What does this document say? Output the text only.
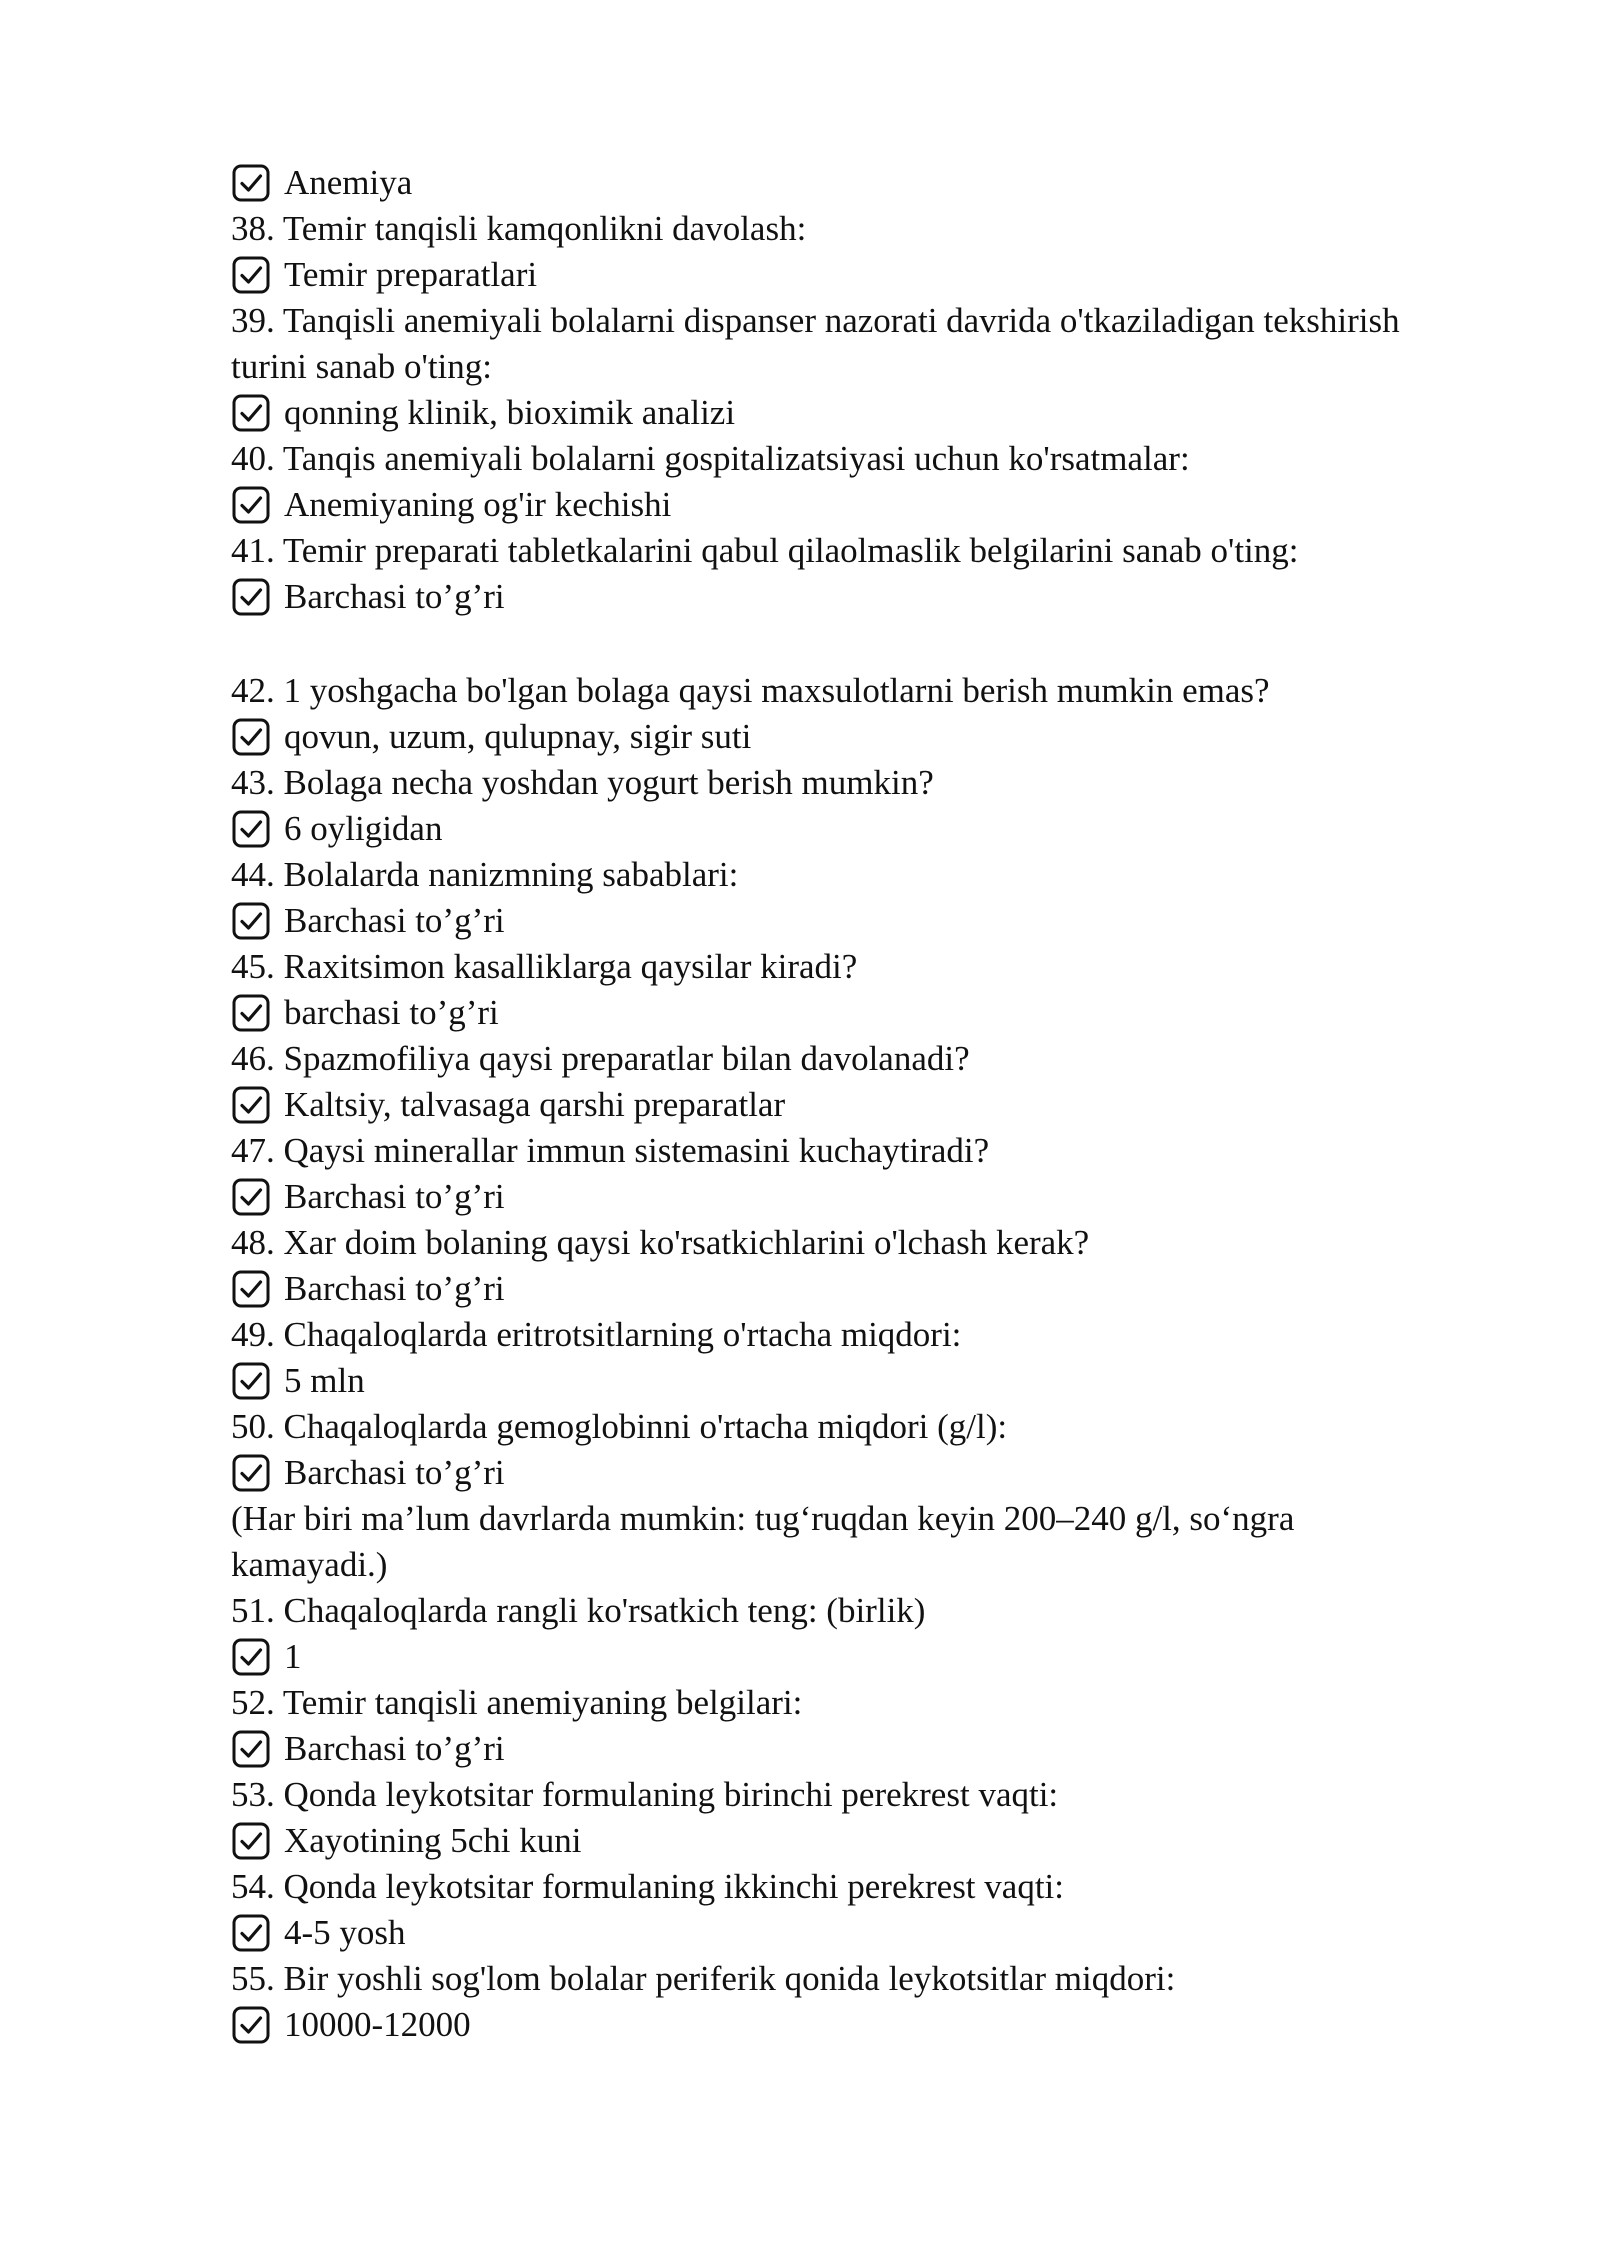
Anemiya
38. Temir tanqisli kamqonlikni davolash:
Temir preparatlari
39. Tanqisli anemiyali bolalarni dispanser nazorati davrida o'tkaziladigan tekshirish turini sanab o'ting:
qonning klinik, bioximik analizi
40. Tanqis anemiyali bolalarni gospitalizatsiyasi uchun ko'rsatmalar:
Anemiyaning og'ir kechishi
41. Temir preparati tabletkalarini qabul qilaolmaslik belgilarini sanab o'ting:
Barchasi to’g’ri
42. 1 yoshgacha bo'lgan bolaga qaysi maxsulotlarni berish mumkin emas?
qovun, uzum, qulupnay, sigir suti
43. Bolaga necha yoshdan yogurt berish mumkin?
6 oyligidan
44. Bolalarda nanizmning sabablari:
Barchasi to’g’ri
45. Raxitsimon kasalliklarga qaysilar kiradi?
barchasi to’g’ri
46. Spazmofiliya qaysi preparatlar bilan davolanadi?
Kaltsiy, talvasaga qarshi preparatlar
47. Qaysi minerallar immun sistemasini kuchaytiradi?
Barchasi to’g’ri
48. Xar doim bolaning qaysi ko'rsatkichlarini o'lchash kerak?
Barchasi to’g’ri
49. Chaqaloqlarda eritrotsitlarning o'rtacha miqdori:
5 mln
50. Chaqaloqlarda gemoglobinni o'rtacha miqdori (g/l):
Barchasi to’g’ri
(Har biri ma’lum davrlarda mumkin: tug‘ruqdan keyin 200–240 g/l, so‘ngra kamayadi.)
51. Chaqaloqlarda rangli ko'rsatkich teng: (birlik)
1
52. Temir tanqisli anemiyaning belgilari:
Barchasi to’g’ri
53. Qonda leykotsitar formulaning birinchi perekrest vaqti:
Xayotining 5chi kuni
54. Qonda leykotsitar formulaning ikkinchi perekrest vaqti:
4-5 yosh
55. Bir yoshli sog'lom bolalar periferik qonida leykotsitlar miqdori:
10000-12000
